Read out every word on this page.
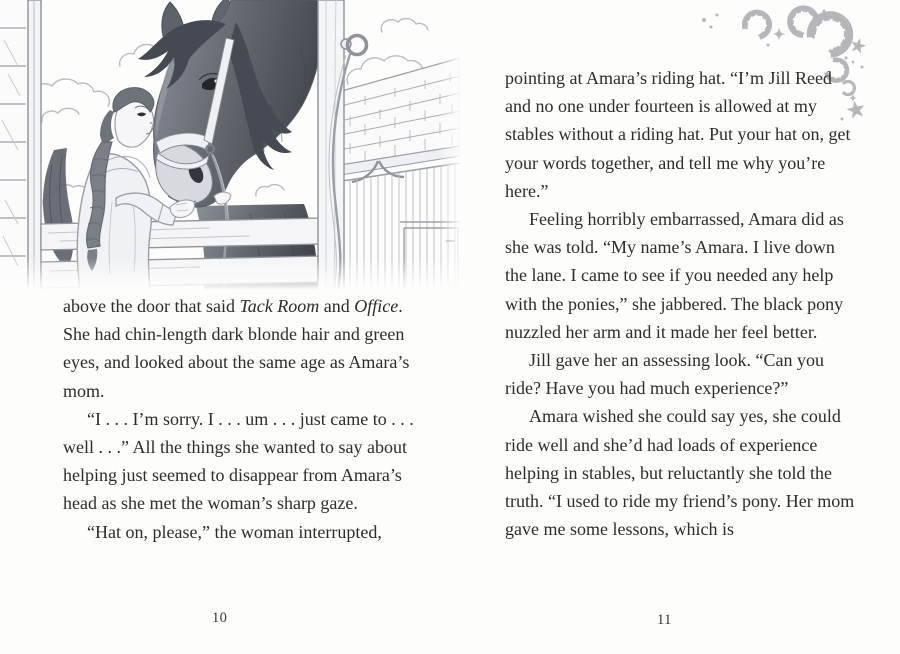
above the door that said Tack Room and Office. She had chin-length dark blonde hair and green eyes, and looked about the same age as Amara’s mom.

“I . . . I’m sorry. I . . . um . . . just came to . . . well . . .” All the things she wanted to say about helping just seemed to disappear from Amara’s head as she met the woman’s sharp gaze.

“Hat on, please,” the woman interrupted,

10

pointing at Amara’s riding hat. “I’m Jill Reed and no one under fourteen is allowed at my stables without a riding hat. Put your hat on, get your words together, and tell me why you’re here.”

Feeling horribly embarrassed, Amara did as she was told. “My name’s Amara. I live down the lane. I came to see if you needed any help with the ponies,” she jabbered. The black pony nuzzled her arm and it made her feel better.

Jill gave her an assessing look. “Can you ride? Have you had much experience?”

Amara wished she could say yes, she could ride well and she’d had loads of experience helping in stables, but reluctantly she told the truth. “I used to ride my friend’s pony. Her mom gave me some lessons, which is

11
